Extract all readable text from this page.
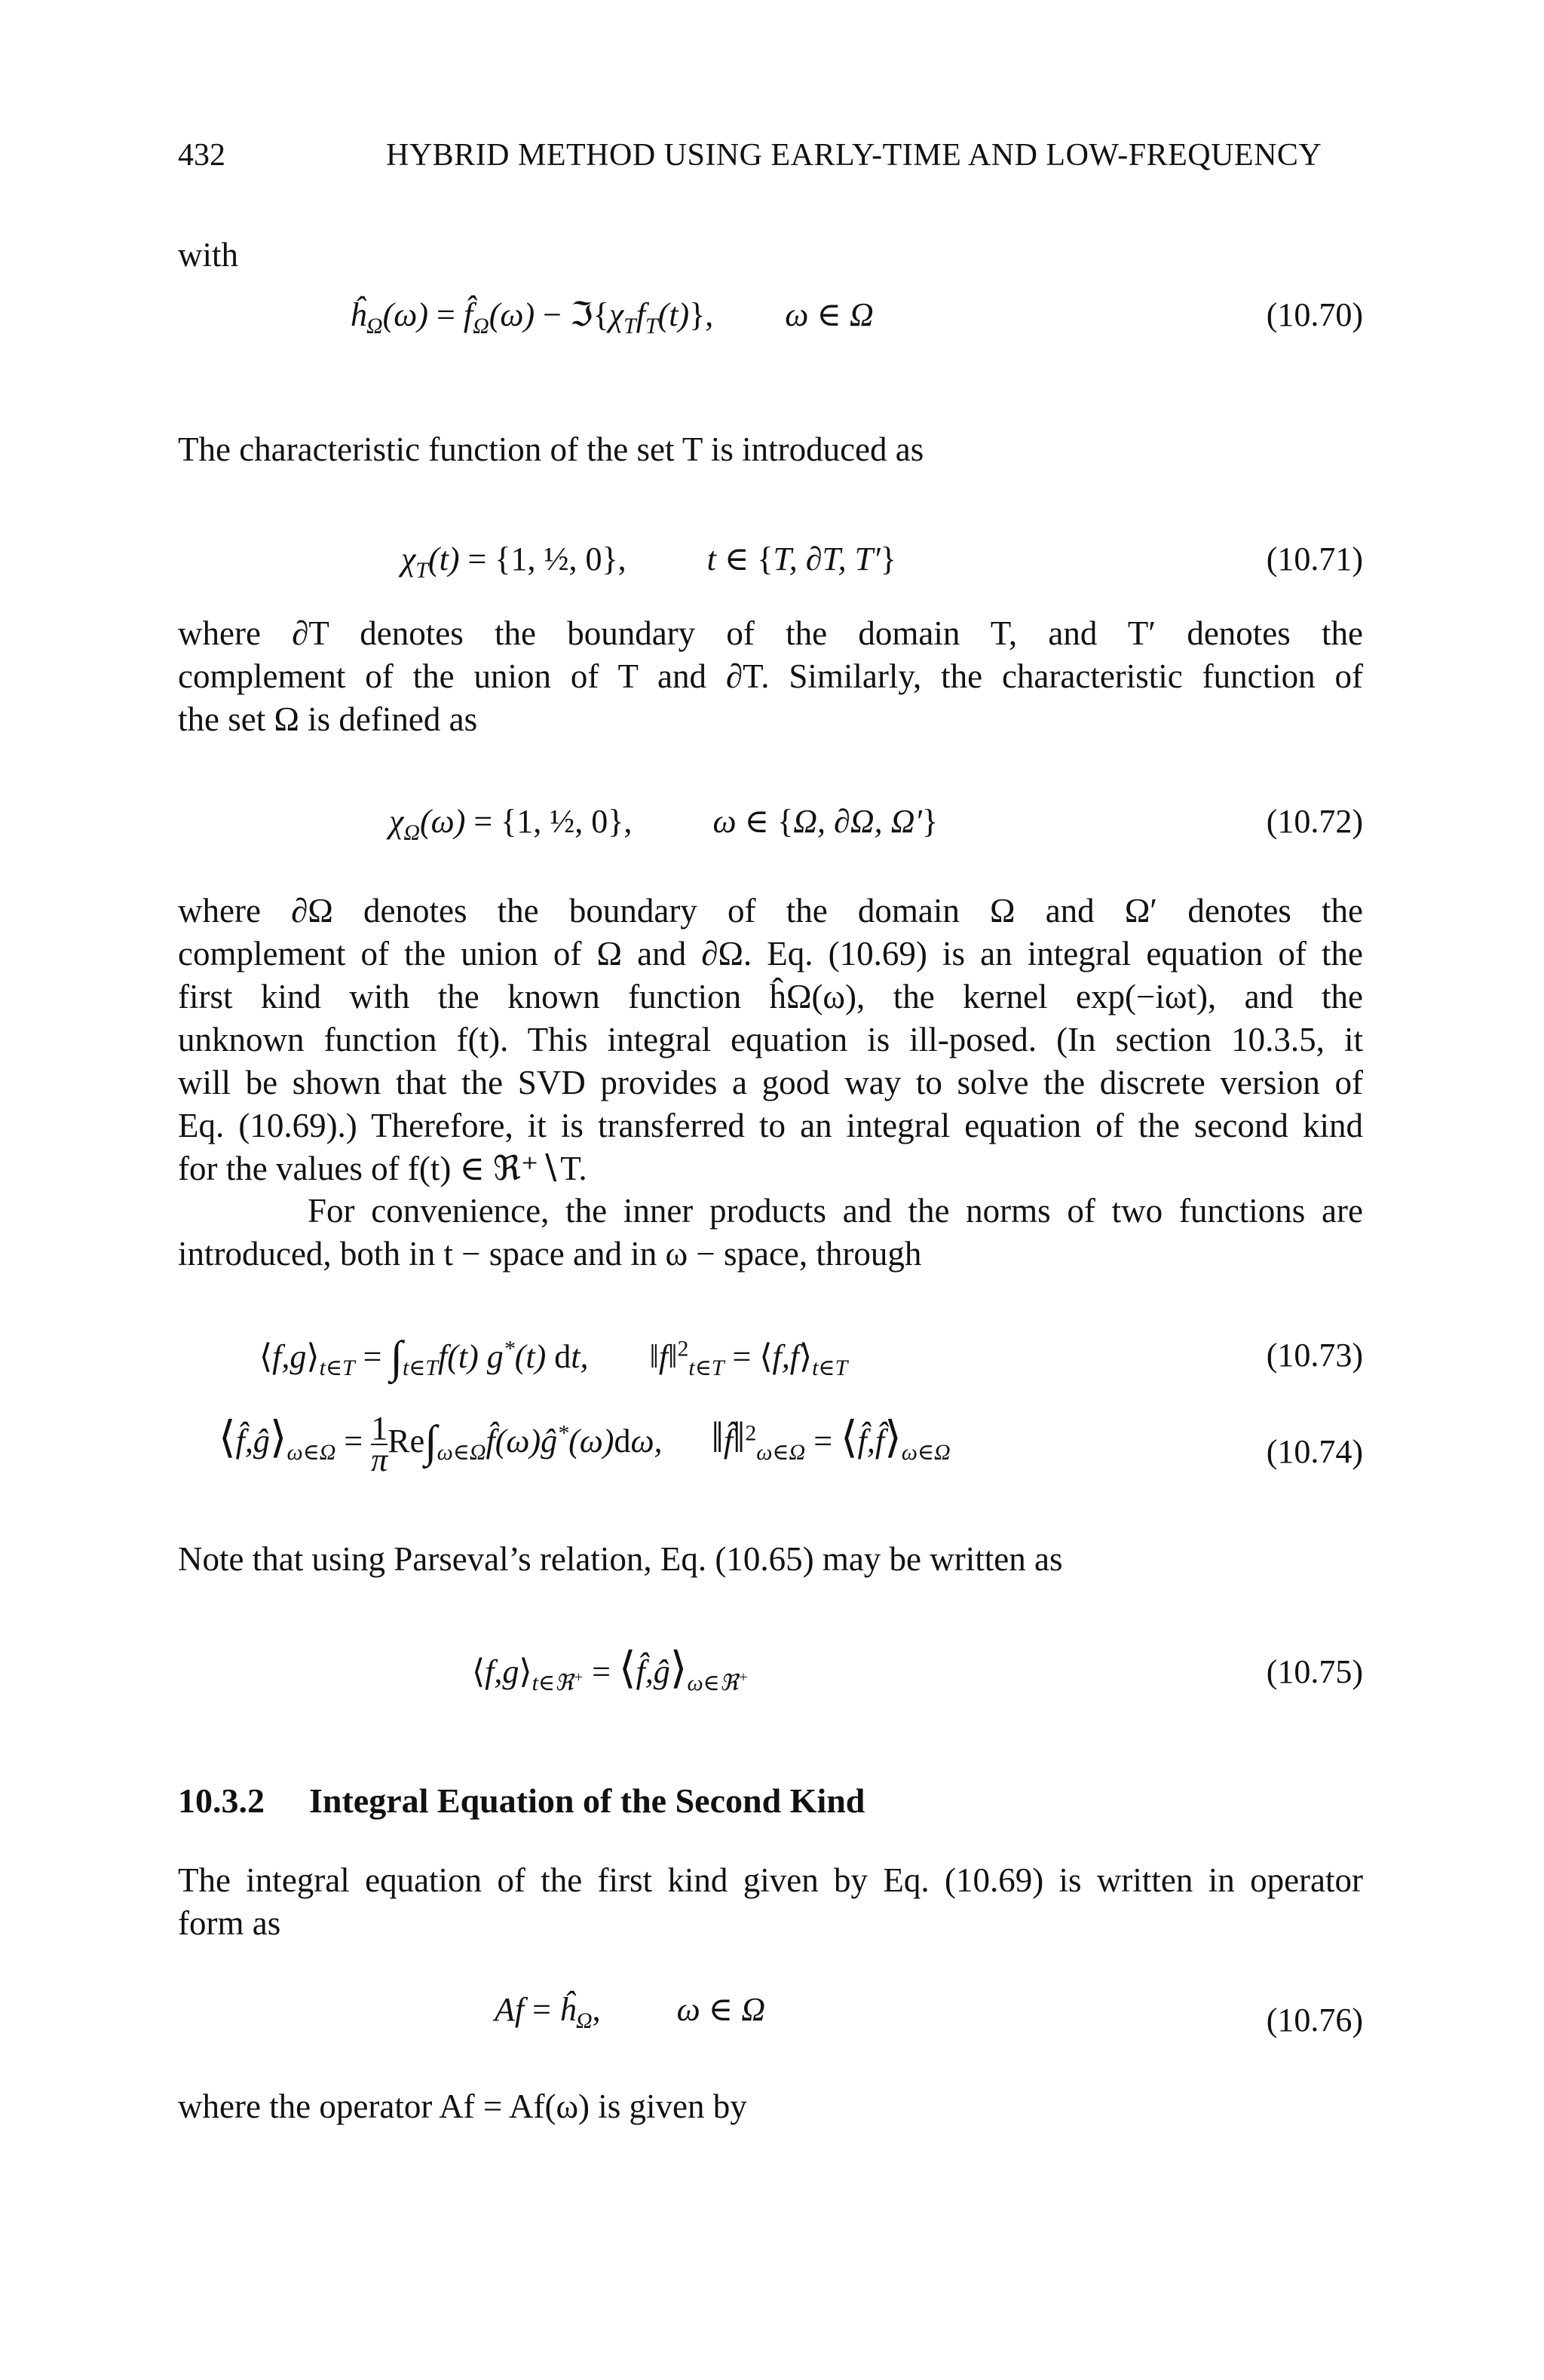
432	HYBRID METHOD USING EARLY-TIME AND LOW-FREQUENCY
with
$ĥ_\Omega(\omega)$ = $f̂_\Omega(\omega)$ − $ℑ\{\chi_Tf_T(t)\}$, ω ∈ Ω	(10.70)
The characteristic function of the set T is introduced as
$\chi_T(t) = \{1$, ½, 0}, t ∈ {T, ∂T, T′}	(10.71)
where ∂T denotes the boundary of the domain T, and T′ denotes the
complement of the union of T and ∂T. Similarly, the characteristic function of
the set Ω is defined as
$\chi_\Omega(\omega) = \{1$, ½, 0}, ω ∈ {Ω, ∂Ω, Ω′}	(10.72)
where ∂Ω denotes the boundary of the domain Ω and Ω′ denotes the
complement of the union of Ω and ∂Ω. Eq. (10.69) is an integral equation of the
first kind with the known function ĥΩ(ω), the kernel exp(−iωt), and the
unknown function f(t). This integral equation is ill-posed. (In section 10.3.5, it
will be shown that the SVD provides a good way to solve the discrete version of
Eq. (10.69).) Therefore, it is transferred to an integral equation of the second kind
for the values of f(t) ∈ ℜ⁺∖T.
For convenience, the inner products and the norms of two functions are
introduced, both in t − space and in ω − space, through
$⟨f,g⟩_{t\in T} = \int_{t\in T}f(t)$ g*(t) dt, ‖f‖$^2_{t\in T}$ = $⟨f,f⟩_{t\in T}$	(10.73)
$⟨f̂,ĝ⟩_{\omega\in\Omega} = \frac{1}{\pi}$ $Re\int_{\omega\in\Omega}f̂(\omega)ĝ^*(\omega)d\omega$, ‖f̂‖$^2_{\omega\in\Omega}$ = $⟨f̂,f̂⟩_{\omega\in\Omega}$	(10.74)
Note that using Parseval’s relation, Eq. (10.65) may be written as
$⟨f,g⟩_{t\in ℜ^+}$ = $⟨f̂,ĝ⟩_{\omega\in ℜ^+}$	(10.75)
10.3.2 Integral Equation of the Second Kind
The integral equation of the first kind given by Eq. (10.69) is written in operator
form as
$Af = ĥ_\Omega$, ω ∈ Ω	(10.76)
where the operator Af = Af(ω) is given by
